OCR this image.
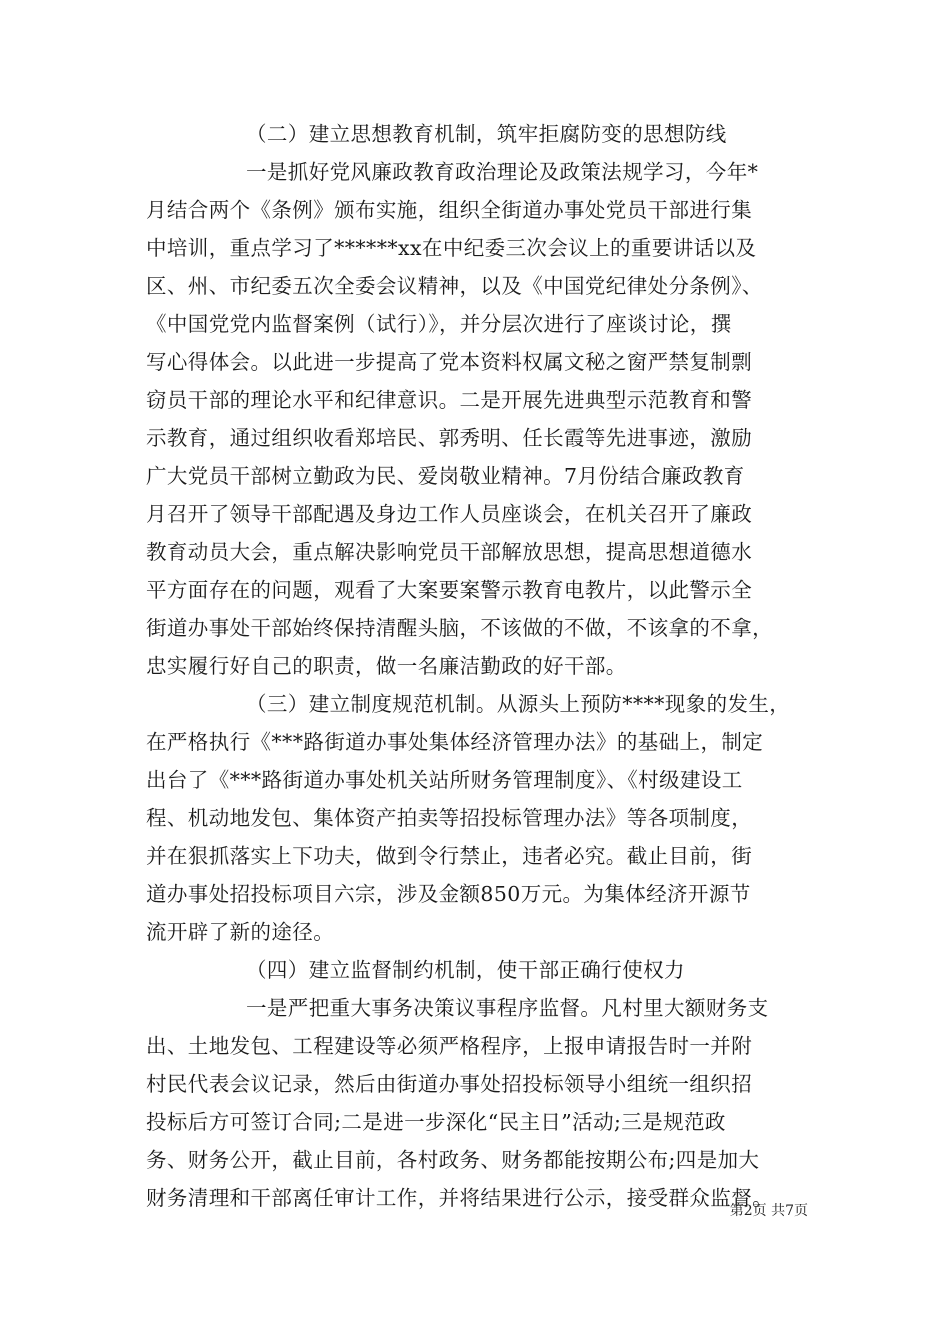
（二）建立思想教育机制，筑牢拒腐防变的思想防线
一是抓好党风廉政教育政治理论及政策法规学习，今年*
月结合两个《条例》颁布实施，组织全街道办事处党员干部进行集
中培训，重点学习了******xx在中纪委三次会议上的重要讲话以及
区、州、市纪委五次全委会议精神，以及《中国党纪律处分条例》、
《中国党党内监督案例（试行）》，并分层次进行了座谈讨论，撰
写心得体会。以此进一步提高了党本资料权属文秘之窗严禁复制剽
窃员干部的理论水平和纪律意识。二是开展先进典型示范教育和警
示教育，通过组织收看郑培民、郭秀明、任长霞等先进事迹，激励
广大党员干部树立勤政为民、爱岗敬业精神。7月份结合廉政教育
月召开了领导干部配遇及身边工作人员座谈会，在机关召开了廉政
教育动员大会，重点解决影响党员干部解放思想，提高思想道德水
平方面存在的问题，观看了大案要案警示教育电教片，以此警示全
街道办事处干部始终保持清醒头脑，不该做的不做，不该拿的不拿，
忠实履行好自己的职责，做一名廉洁勤政的好干部。
（三）建立制度规范机制。从源头上预防****现象的发生，
在严格执行《***路街道办事处集体经济管理办法》的基础上，制定
出台了《***路街道办事处机关站所财务管理制度》、《村级建设工
程、机动地发包、集体资产拍卖等招投标管理办法》等各项制度，
并在狠抓落实上下功夫，做到令行禁止，违者必究。截止目前，街
道办事处招投标项目六宗，涉及金额850万元。为集体经济开源节
流开辟了新的途径。
（四）建立监督制约机制，使干部正确行使权力
一是严把重大事务决策议事程序监督。凡村里大额财务支
出、土地发包、工程建设等必须严格程序，上报申请报告时一并附
村民代表会议记录，然后由街道办事处招投标领导小组统一组织招
投标后方可签订合同;二是进一步深化“民主日”活动;三是规范政
务、财务公开，截止目前，各村政务、财务都能按期公布;四是加大
财务清理和干部离任审计工作，并将结果进行公示，接受群众监督。
第2页 共7页
